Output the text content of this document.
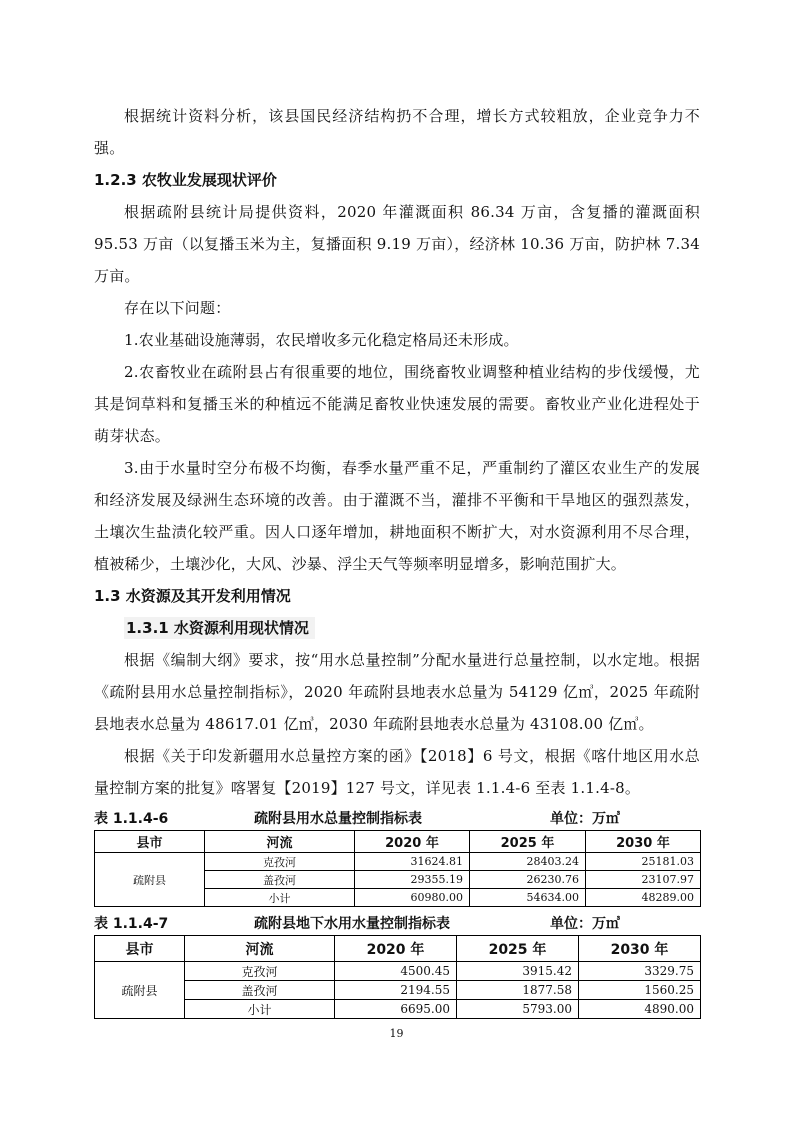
根据统计资料分析，该县国民经济结构扔不合理，增长方式较粗放，企业竞争力不强。

1.2.3 农牧业发展现状评价

根据疏附县统计局提供资料，2020 年灌溉面积 86.34 万亩，含复播的灌溉面积 95.53 万亩（以复播玉米为主，复播面积 9.19 万亩），经济林 10.36 万亩，防护林 7.34 万亩。

存在以下问题：

1.农业基础设施薄弱，农民增收多元化稳定格局还未形成。

2.农畜牧业在疏附县占有很重要的地位，围绕畜牧业调整种植业结构的步伐缓慢，尤其是饲草料和复播玉米的种植远不能满足畜牧业快速发展的需要。畜牧业产业化进程处于萌芽状态。

3.由于水量时空分布极不均衡，春季水量严重不足，严重制约了灌区农业生产的发展和经济发展及绿洲生态环境的改善。由于灌溉不当，灌排不平衡和干旱地区的强烈蒸发，土壤次生盐渍化较严重。因人口逐年增加，耕地面积不断扩大，对水资源利用不尽合理，植被稀少，土壤沙化，大风、沙暴、浮尘天气等频率明显增多，影响范围扩大。

1.3 水资源及其开发利用情况

1.3.1 水资源利用现状情况

根据《编制大纲》要求，按“用水总量控制”分配水量进行总量控制，以水定地。根据《疏附县用水总量控制指标》，2020 年疏附县地表水总量为 54129 亿㎥，2025 年疏附县地表水总量为 48617.01 亿㎥，2030 年疏附县地表水总量为 43108.00 亿㎥。

根据《关于印发新疆用水总量控方案的函》【2018】6 号文，根据《喀什地区用水总量控制方案的批复》喀署复【2019】127 号文，详见表 1.1.4-6 至表 1.1.4-8。

表 1.1.4-6	疏附县用水总量控制指标表	单位：万㎥
县市	河流	2020 年	2025 年	2030 年
疏附县	克孜河	31624.81	28403.24	25181.03
	盖孜河	29355.19	26230.76	23107.97
	小计	60980.00	54634.00	48289.00
表 1.1.4-7	疏附县地下水用水量控制指标表	单位：万㎥
县市	河流	2020 年	2025 年	2030 年
疏附县	克孜河	4500.45	3915.42	3329.75
	盖孜河	2194.55	1877.58	1560.25
	小计	6695.00	5793.00	4890.00
19
